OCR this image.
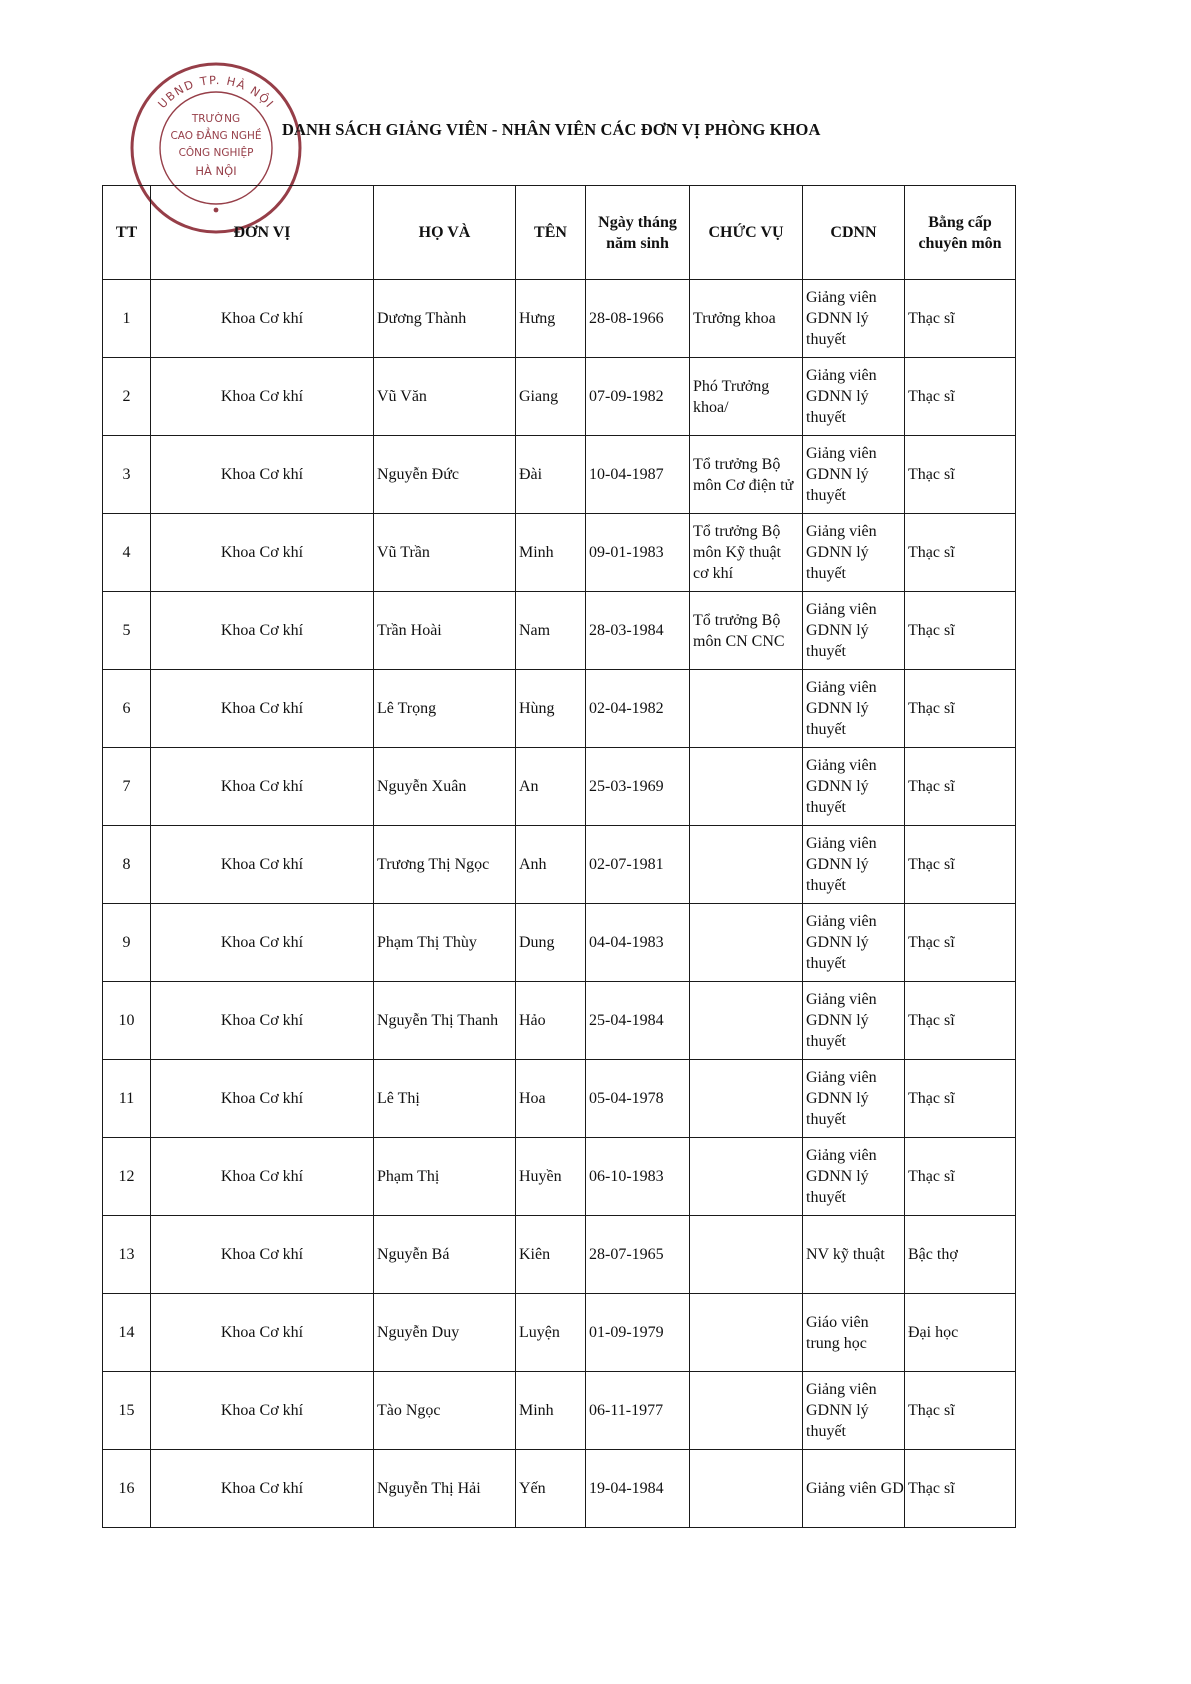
UBND TP. HÀ NỘI
TRƯỜNG
CAO ĐẲNG NGHỀ
CÔNG NGHIỆP
HÀ NỘI
DANH SÁCH GIẢNG VIÊN - NHÂN VIÊN CÁC ĐƠN VỊ PHÒNG KHOA
TT	ĐƠN VỊ	HỌ VÀ	TÊN	Ngày tháng năm sinh	CHỨC VỤ	CDNN	Bằng cấp chuyên môn
1	Khoa Cơ khí	Dương Thành	Hưng	28-08-1966	Trưởng khoa	Giảng viên GDNN lý thuyết	Thạc sĩ
2	Khoa Cơ khí	Vũ Văn	Giang	07-09-1982	Phó Trưởng khoa/	Giảng viên GDNN lý thuyết	Thạc sĩ
3	Khoa Cơ khí	Nguyễn Đức	Đài	10-04-1987	Tổ trưởng Bộ môn Cơ điện tử	Giảng viên GDNN lý thuyết	Thạc sĩ
4	Khoa Cơ khí	Vũ Trần	Minh	09-01-1983	Tổ trưởng Bộ môn Kỹ thuật cơ khí	Giảng viên GDNN lý thuyết	Thạc sĩ
5	Khoa Cơ khí	Trần Hoài	Nam	28-03-1984	Tổ trưởng Bộ môn CN CNC	Giảng viên GDNN lý thuyết	Thạc sĩ
6	Khoa Cơ khí	Lê Trọng	Hùng	02-04-1982		Giảng viên GDNN lý thuyết	Thạc sĩ
7	Khoa Cơ khí	Nguyễn Xuân	An	25-03-1969		Giảng viên GDNN lý thuyết	Thạc sĩ
8	Khoa Cơ khí	Trương Thị Ngọc	Anh	02-07-1981		Giảng viên GDNN lý thuyết	Thạc sĩ
9	Khoa Cơ khí	Phạm Thị Thùy	Dung	04-04-1983		Giảng viên GDNN lý thuyết	Thạc sĩ
10	Khoa Cơ khí	Nguyễn Thị Thanh	Hảo	25-04-1984		Giảng viên GDNN lý thuyết	Thạc sĩ
11	Khoa Cơ khí	Lê Thị	Hoa	05-04-1978		Giảng viên GDNN lý thuyết	Thạc sĩ
12	Khoa Cơ khí	Phạm Thị	Huyền	06-10-1983		Giảng viên GDNN lý thuyết	Thạc sĩ
13	Khoa Cơ khí	Nguyễn Bá	Kiên	28-07-1965		NV kỹ thuật	Bậc thợ
14	Khoa Cơ khí	Nguyễn Duy	Luyện	01-09-1979		Giáo viên trung học	Đại học
15	Khoa Cơ khí	Tào Ngọc	Minh	06-11-1977		Giảng viên GDNN lý thuyết	Thạc sĩ
16	Khoa Cơ khí	Nguyễn Thị Hải	Yến	19-04-1984		Giảng viên GD	Thạc sĩ
